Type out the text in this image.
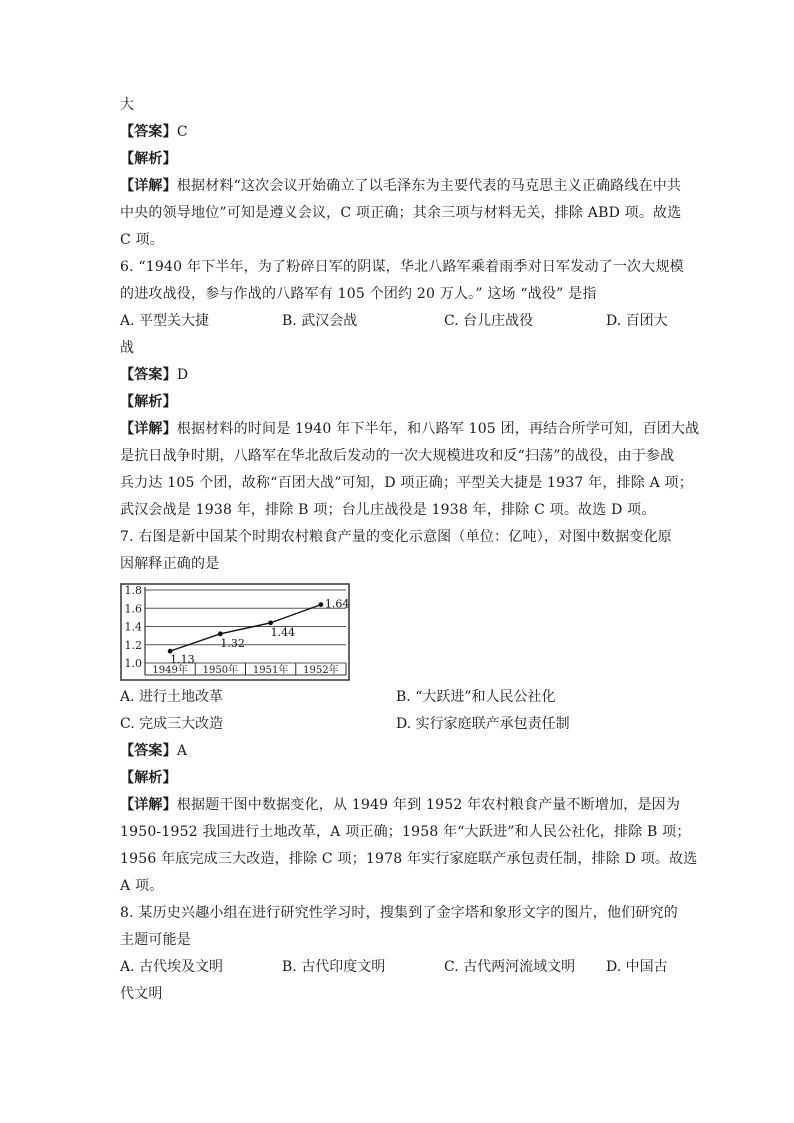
大
【答案】C
【解析】
【详解】根据材料“这次会议开始确立了以毛泽东为主要代表的马克思主义正确路线在中共
中央的领导地位”可知是遵义会议，C 项正确；其余三项与材料无关，排除 ABD 项。故选
C 项。
6. “1940 年下半年，为了粉碎日军的阴谋，华北八路军乘着雨季对日军发动了一次大规模
的进攻战役，参与作战的八路军有 105 个团约 20 万人。” 这场 “战役” 是指
A. 平型关大捷	B. 武汉会战	C. 台儿庄战役	D. 百团大
战
【答案】D
【解析】
【详解】根据材料的时间是 1940 年下半年，和八路军 105 团，再结合所学可知，百团大战
是抗日战争时期，八路军在华北敌后发动的一次大规模进攻和反“扫荡”的战役，由于参战
兵力达 105 个团，故称“百团大战”可知，D 项正确；平型关大捷是 1937 年，排除 A 项；
武汉会战是 1938 年，排除 B 项；台儿庄战役是 1938 年，排除 C 项。故选 D 项。
7. 右图是新中国某个时期农村粮食产量的变化示意图（单位：亿吨），对图中数据变化原
因解释正确的是
1.0
1.2
1.4
1.6
1.8
1949年 1950年 1951年 1952年
1.13
1.32
1.44
1.64
A. 进行土地改革	B. “大跃进”和人民公社化
C. 完成三大改造	D. 实行家庭联产承包责任制
【答案】A
【解析】
【详解】根据题干图中数据变化，从 1949 年到 1952 年农村粮食产量不断增加，是因为
1950-1952 我国进行土地改革，A 项正确；1958 年“大跃进”和人民公社化，排除 B 项；
1956 年底完成三大改造，排除 C 项；1978 年实行家庭联产承包责任制，排除 D 项。故选
A 项。
8. 某历史兴趣小组在进行研究性学习时，搜集到了金字塔和象形文字的图片，他们研究的
主题可能是
A. 古代埃及文明	B. 古代印度文明	C. 古代两河流域文明	D. 中国古
代文明
